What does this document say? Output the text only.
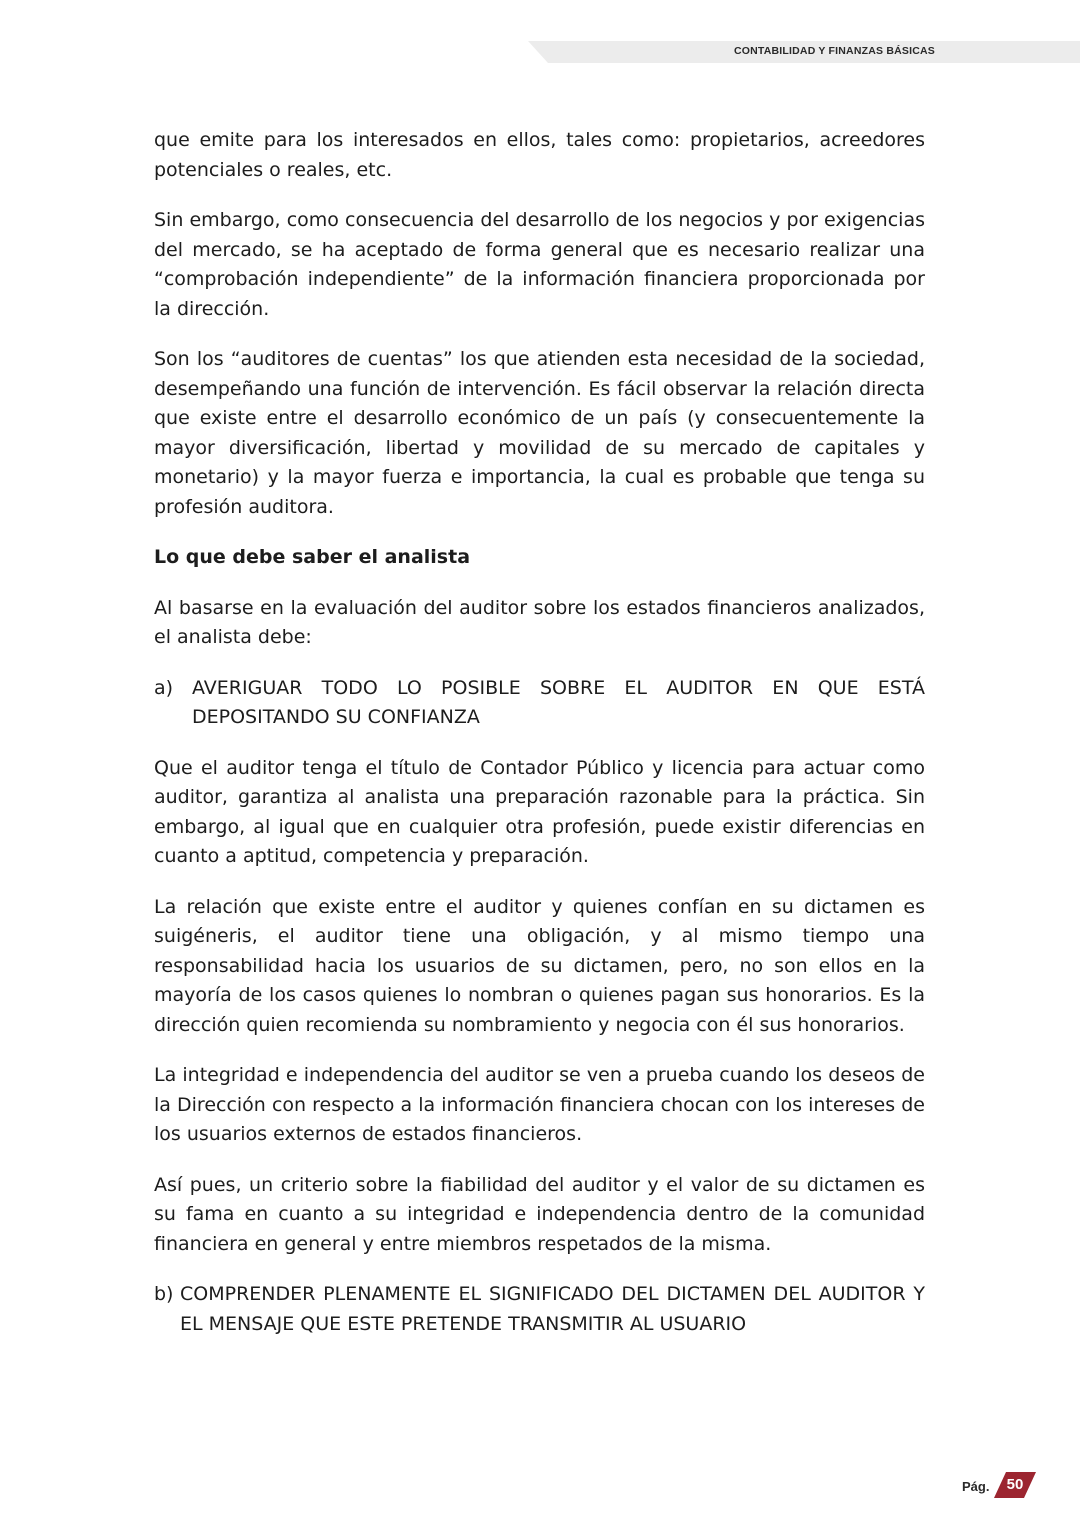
CONTABILIDAD Y FINANZAS BÁSICAS

que emite para los interesados en ellos, tales como: propietarios, acreedores potenciales o reales, etc.

Sin embargo, como consecuencia del desarrollo de los negocios y por exigencias del mercado, se ha aceptado de forma general que es necesario realizar una “comprobación independiente” de la información financiera proporcionada por la dirección.

Son los “auditores de cuentas” los que atienden esta necesidad de la sociedad, desempeñando una función de intervención. Es fácil observar la relación directa que existe entre el desarrollo económico de un país (y consecuentemente la mayor diversificación, libertad y movilidad de su mercado de capitales y monetario) y la mayor fuerza e importancia, la cual es probable que tenga su profesión auditora.

Lo que debe saber el analista

Al basarse en la evaluación del auditor sobre los estados financieros analizados, el analista debe:

a) AVERIGUAR TODO LO POSIBLE SOBRE EL AUDITOR EN QUE ESTÁ DEPOSITANDO SU CONFIANZA

Que el auditor tenga el título de Contador Público y licencia para actuar como auditor, garantiza al analista una preparación razonable para la práctica. Sin embargo, al igual que en cualquier otra profesión, puede existir diferencias en cuanto a aptitud, competencia y preparación.

La relación que existe entre el auditor y quienes confían en su dictamen es suigéneris, el auditor tiene una obligación, y al mismo tiempo una responsabilidad hacia los usuarios de su dictamen, pero, no son ellos en la mayoría de los casos quienes lo nombran o quienes pagan sus honorarios. Es la dirección quien recomienda su nombramiento y negocia con él sus honorarios.

La integridad e independencia del auditor se ven a prueba cuando los deseos de la Dirección con respecto a la información financiera chocan con los intereses de los usuarios externos de estados financieros.

Así pues, un criterio sobre la fiabilidad del auditor y el valor de su dictamen es su fama en cuanto a su integridad e independencia dentro de la comunidad financiera en general y entre miembros respetados de la misma.

b) COMPRENDER PLENAMENTE EL SIGNIFICADO DEL DICTAMEN DEL AUDITOR Y EL MENSAJE QUE ESTE PRETENDE TRANSMITIR AL USUARIO
Pág.	50
